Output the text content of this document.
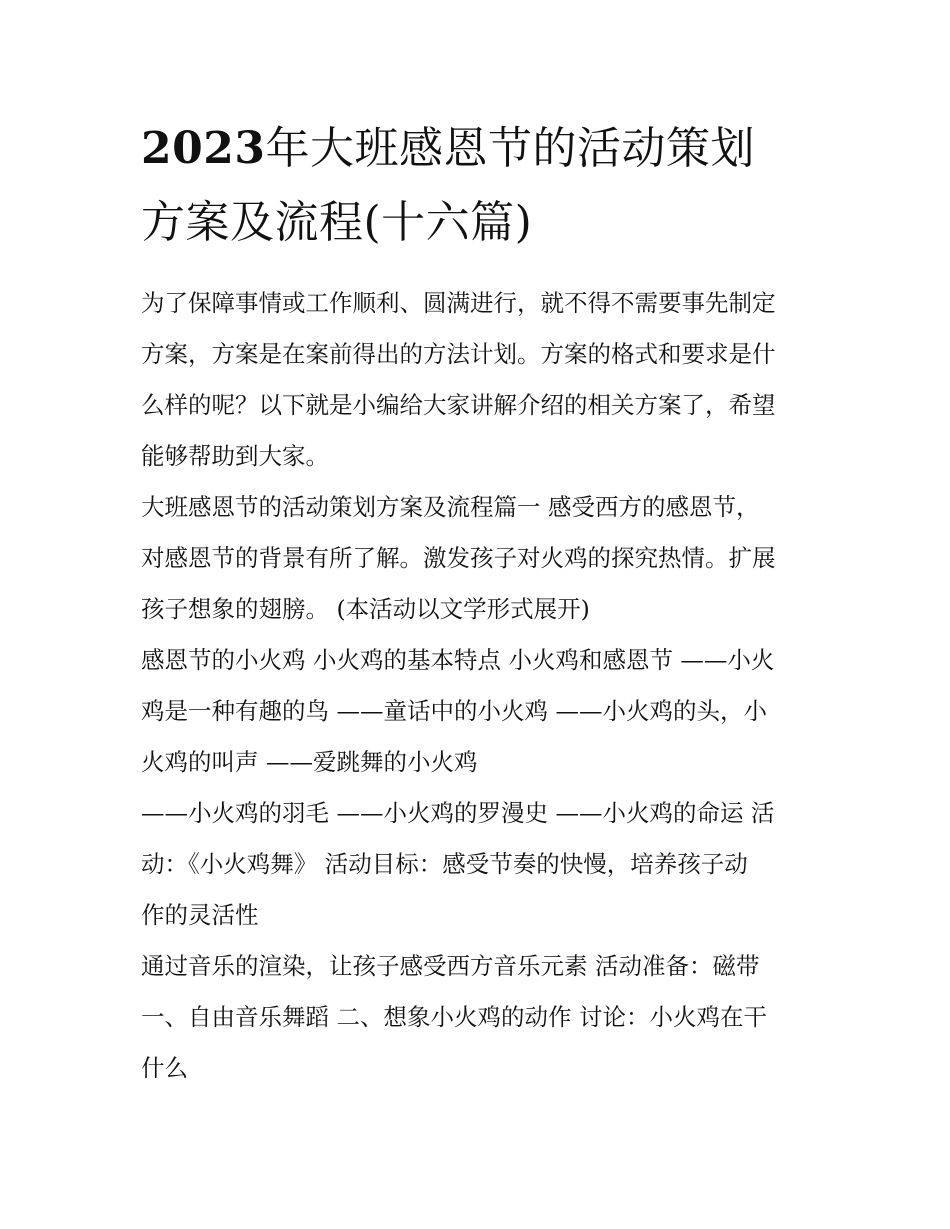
2023年大班感恩节的活动策划
方案及流程(十六篇)

为了保障事情或工作顺利、圆满进行，就不得不需要事先制定
方案，方案是在案前得出的方法计划。方案的格式和要求是什
么样的呢？以下就是小编给大家讲解介绍的相关方案了，希望
能够帮助到大家。

大班感恩节的活动策划方案及流程篇一 感受西方的感恩节，
对感恩节的背景有所了解。激发孩子对火鸡的探究热情。扩展
孩子想象的翅膀。 (本活动以文学形式展开)

感恩节的小火鸡 小火鸡的基本特点 小火鸡和感恩节 ——小火
鸡是一种有趣的鸟 ——童话中的小火鸡 ——小火鸡的头，小
火鸡的叫声 ——爱跳舞的小火鸡

——小火鸡的羽毛 ——小火鸡的罗漫史 ——小火鸡的命运 活
动：《小火鸡舞》 活动目标：感受节奏的快慢，培养孩子动
作的灵活性

通过音乐的渲染，让孩子感受西方音乐元素 活动准备：磁带
一、自由音乐舞蹈 二、想象小火鸡的动作 讨论：小火鸡在干
什么
